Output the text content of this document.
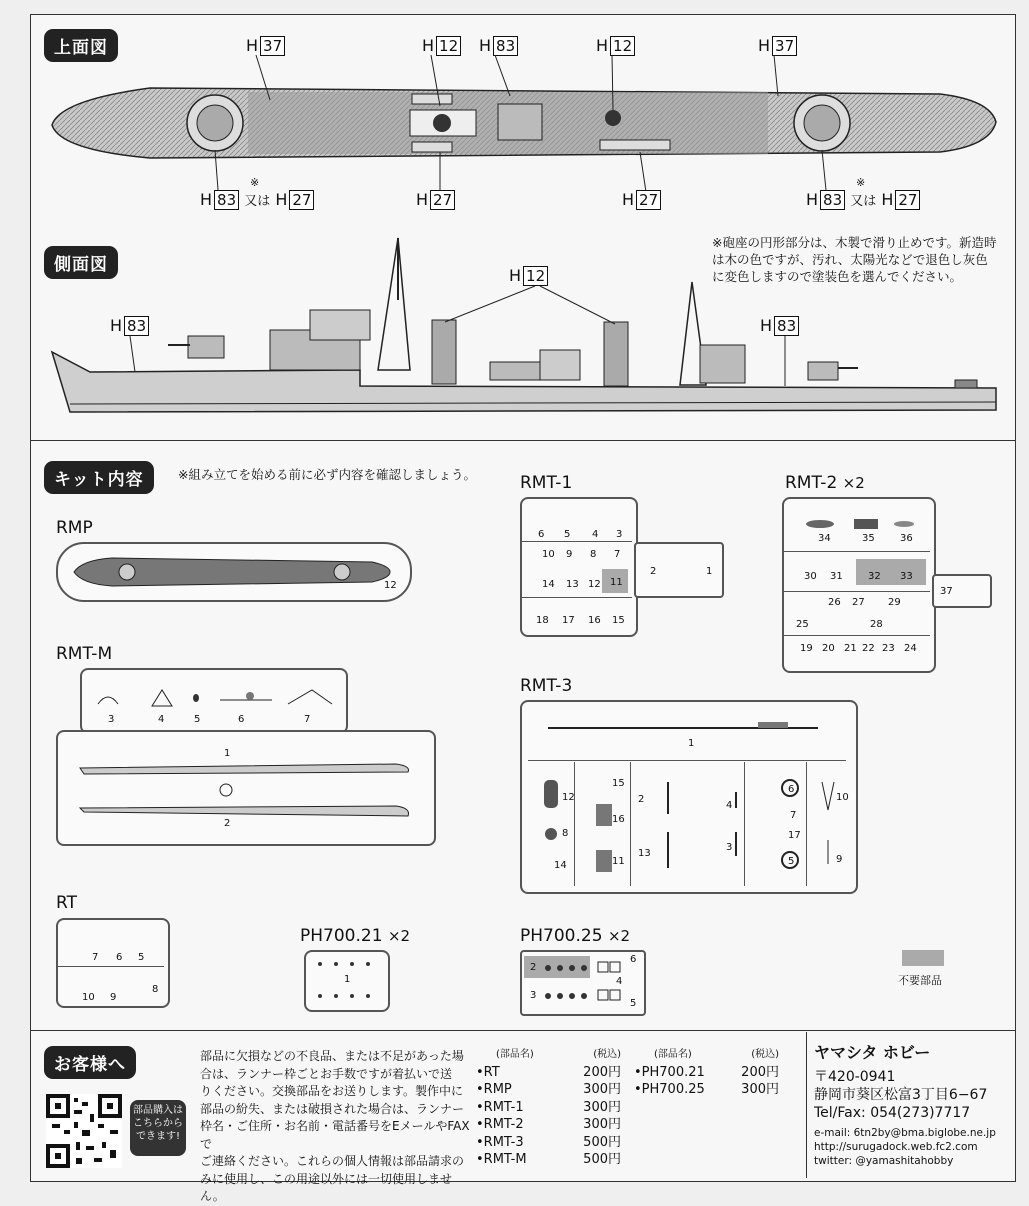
上面図	H 37	H 12 H 83	H 12	H 37
H 83 又は H 27
※
H 27	H 27	H 83 又は H 27
※
側面図
※砲座の円形部分は、木製で滑り止めです。新造時
は木の色ですが、汚れ、太陽光などで退色し灰色
に変色しますので塗装色を選んでください。
H 12
H 83	H 83
キット内容	※組み立てを始める前に必ず内容を確認しましょう。
RMP
12
RMT-M
3	4	5	6	7
1
2
RT
7 6 5
10 9
8
PH700.21 ×2
1
RMT-1
6 5 4 3
10 9 8 7
14 13 12 11
18 17 16 15
2	1
RMT-2 ×2
34	35	36
30 31	32	33
26 27 29
25	28
19 20 21 22 23 24
37
RMT-3
1
12
15
2
4
6
10
16	7
8
13
3
5	9
11
14
17
PH700.25 ×2
2
3
4
5
6
不要部品
お客様へ
部品購入は
こちらから
できます!
部品に欠損などの不良品、または不足があった場
合は、ランナー枠ごとお手数ですが着払いで送
りください。交換部品をお送りします。製作中に
部品の紛失、または破損された場合は、ランナー
枠名・ご住所・お名前・電話番号をEメールやFAXで
ご連絡ください。これらの個人情報は部品請求の
みに使用し、この用途以外には一切使用しません。
(部品名)	(税込)
•RT	200円
•RMP	300円
•RMT-1	300円
•RMT-2	300円
•RMT-3	500円
•RMT-M	500円
(部品名)	(税込)
•PH700.21	200円
•PH700.25	300円
ヤマシタ ホビー
〒420-0941
静岡市葵区松富3丁目6−67
Tel/Fax: 054(273)7717
e-mail: 6tn2by@bma.biglobe.ne.jp
http://surugadock.web.fc2.com
twitter: @yamashitahobby
